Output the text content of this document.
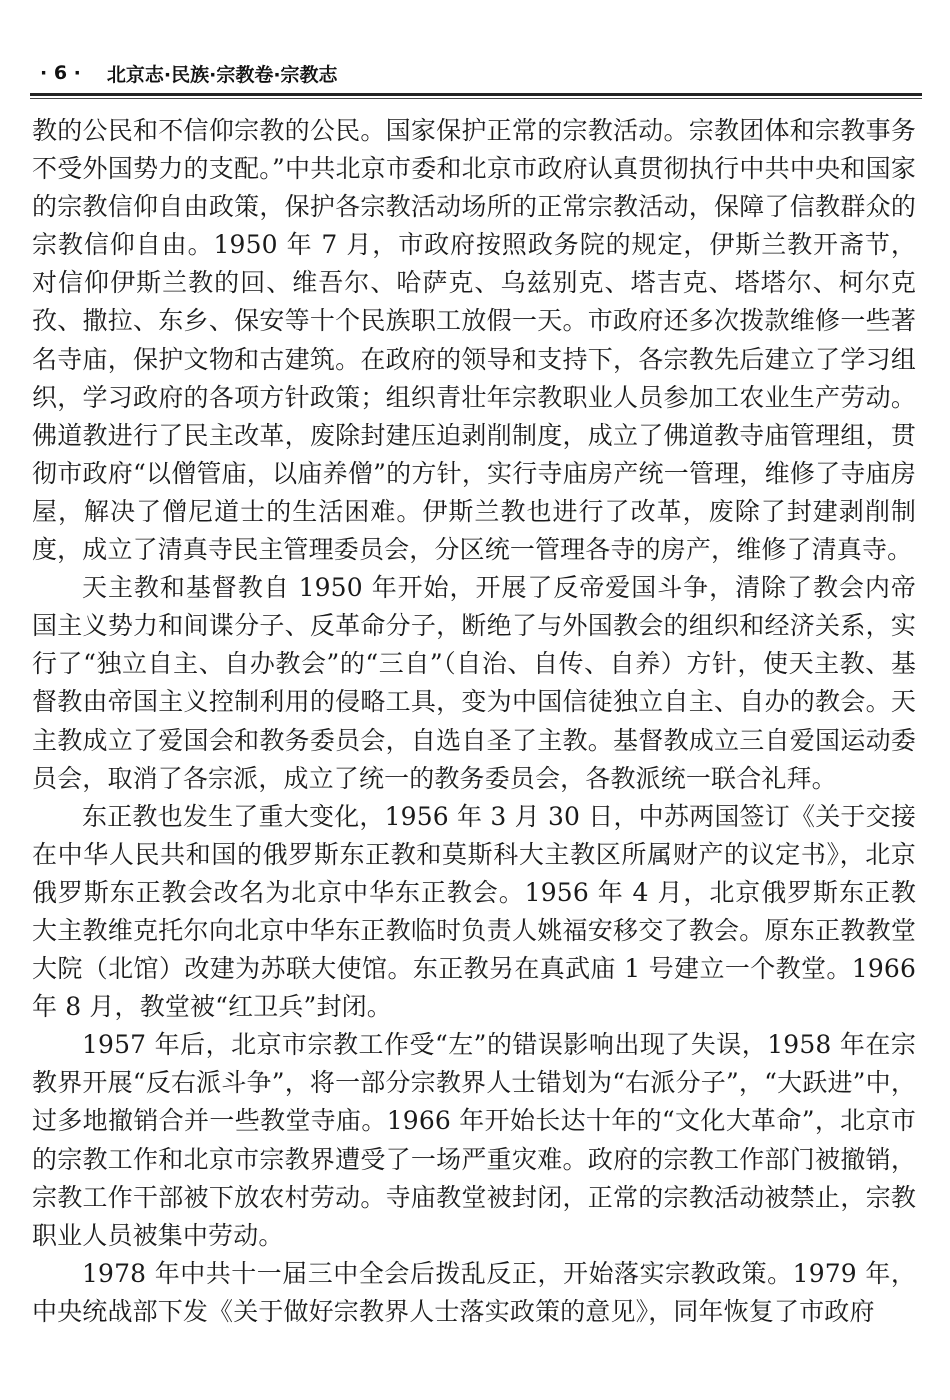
· 6 · 北京志·民族·宗教卷·宗教志

教的公民和不信仰宗教的公民。国家保护正常的宗教活动。宗教团体和宗教事务不受外国势力的支配。”中共北京市委和北京市政府认真贯彻执行中共中央和国家的宗教信仰自由政策，保护各宗教活动场所的正常宗教活动，保障了信教群众的宗教信仰自由。1950 年 7 月，市政府按照政务院的规定，伊斯兰教开斋节，对信仰伊斯兰教的回、维吾尔、哈萨克、乌兹别克、塔吉克、塔塔尔、柯尔克孜、撒拉、东乡、保安等十个民族职工放假一天。市政府还多次拨款维修一些著名寺庙，保护文物和古建筑。在政府的领导和支持下，各宗教先后建立了学习组织，学习政府的各项方针政策；组织青壮年宗教职业人员参加工农业生产劳动。佛道教进行了民主改革，废除封建压迫剥削制度，成立了佛道教寺庙管理组，贯彻市政府“以僧管庙，以庙养僧”的方针，实行寺庙房产统一管理，维修了寺庙房屋，解决了僧尼道士的生活困难。伊斯兰教也进行了改革，废除了封建剥削制度，成立了清真寺民主管理委员会，分区统一管理各寺的房产，维修了清真寺。

天主教和基督教自 1950 年开始，开展了反帝爱国斗争，清除了教会内帝国主义势力和间谍分子、反革命分子，断绝了与外国教会的组织和经济关系，实行了“独立自主、自办教会”的“三自”（自治、自传、自养）方针，使天主教、基督教由帝国主义控制利用的侵略工具，变为中国信徒独立自主、自办的教会。天主教成立了爱国会和教务委员会，自选自圣了主教。基督教成立三自爱国运动委员会，取消了各宗派，成立了统一的教务委员会，各教派统一联合礼拜。

东正教也发生了重大变化，1956 年 3 月 30 日，中苏两国签订《关于交接在中华人民共和国的俄罗斯东正教和莫斯科大主教区所属财产的议定书》，北京俄罗斯东正教会改名为北京中华东正教会。1956 年 4 月，北京俄罗斯东正教大主教维克托尔向北京中华东正教临时负责人姚福安移交了教会。原东正教教堂大院（北馆）改建为苏联大使馆。东正教另在真武庙 1 号建立一个教堂。1966 年 8 月，教堂被“红卫兵”封闭。

1957 年后，北京市宗教工作受“左”的错误影响出现了失误，1958 年在宗教界开展“反右派斗争”，将一部分宗教界人士错划为“右派分子”，“大跃进”中，过多地撤销合并一些教堂寺庙。1966 年开始长达十年的“文化大革命”，北京市的宗教工作和北京市宗教界遭受了一场严重灾难。政府的宗教工作部门被撤销，宗教工作干部被下放农村劳动。寺庙教堂被封闭，正常的宗教活动被禁止，宗教职业人员被集中劳动。

1978 年中共十一届三中全会后拨乱反正，开始落实宗教政策。1979 年，中央统战部下发《关于做好宗教界人士落实政策的意见》，同年恢复了市政府
